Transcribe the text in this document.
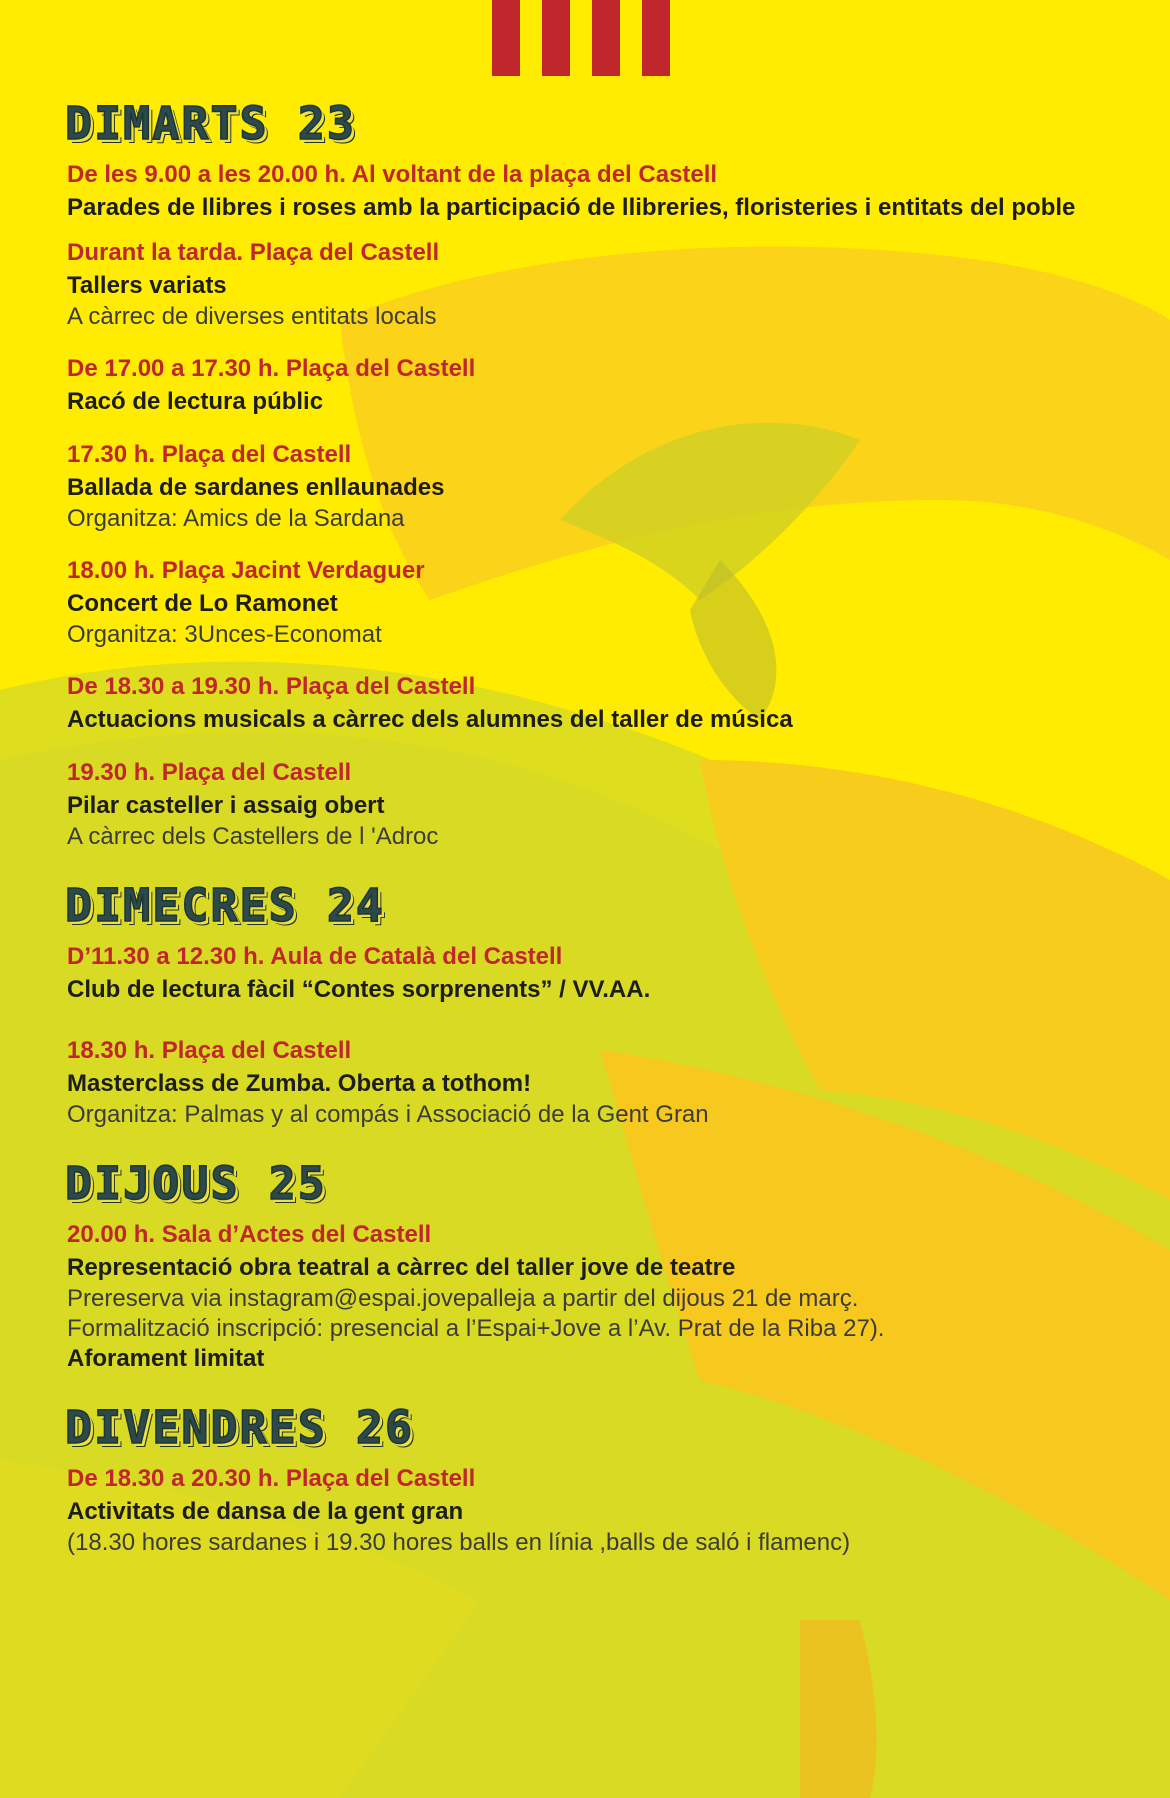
DIMARTS 23
De les 9.00 a les 20.00 h. Al voltant de la plaça del Castell
Parades de llibres i roses amb la participació de llibreries, floristeries i entitats del poble
Durant la tarda. Plaça del Castell
Tallers variats
A càrrec de diverses entitats locals
De 17.00 a 17.30 h. Plaça del Castell
Racó de lectura públic
17.30 h. Plaça del Castell
Ballada de sardanes enllaunades
Organitza: Amics de la Sardana
18.00 h. Plaça Jacint Verdaguer
Concert de Lo Ramonet
Organitza: 3Unces-Economat
De 18.30 a 19.30 h. Plaça del Castell
Actuacions musicals a càrrec dels alumnes del taller de música
19.30 h. Plaça del Castell
Pilar casteller i assaig obert
A càrrec dels Castellers de l 'Adroc
DIMECRES 24
D’11.30 a 12.30 h. Aula de Català del Castell
Club de lectura fàcil “Contes sorprenents” / VV.AA.
18.30 h. Plaça del Castell
Masterclass de Zumba. Oberta a tothom!
Organitza: Palmas y al compás i Associació de la Gent Gran
DIJOUS 25
20.00 h. Sala d’Actes del Castell
Representació obra teatral a càrrec del taller jove de teatre
Prereserva via instagram@espai.jovepalleja a partir del dijous 21 de març. Formalització inscripció: presencial a l’Espai+Jove a l’Av. Prat de la Riba 27). Aforament limitat
DIVENDRES 26
De 18.30 a 20.30 h. Plaça del Castell
Activitats de dansa de la gent gran
(18.30 hores sardanes i 19.30 hores balls en línia ,balls de saló i flamenc)
